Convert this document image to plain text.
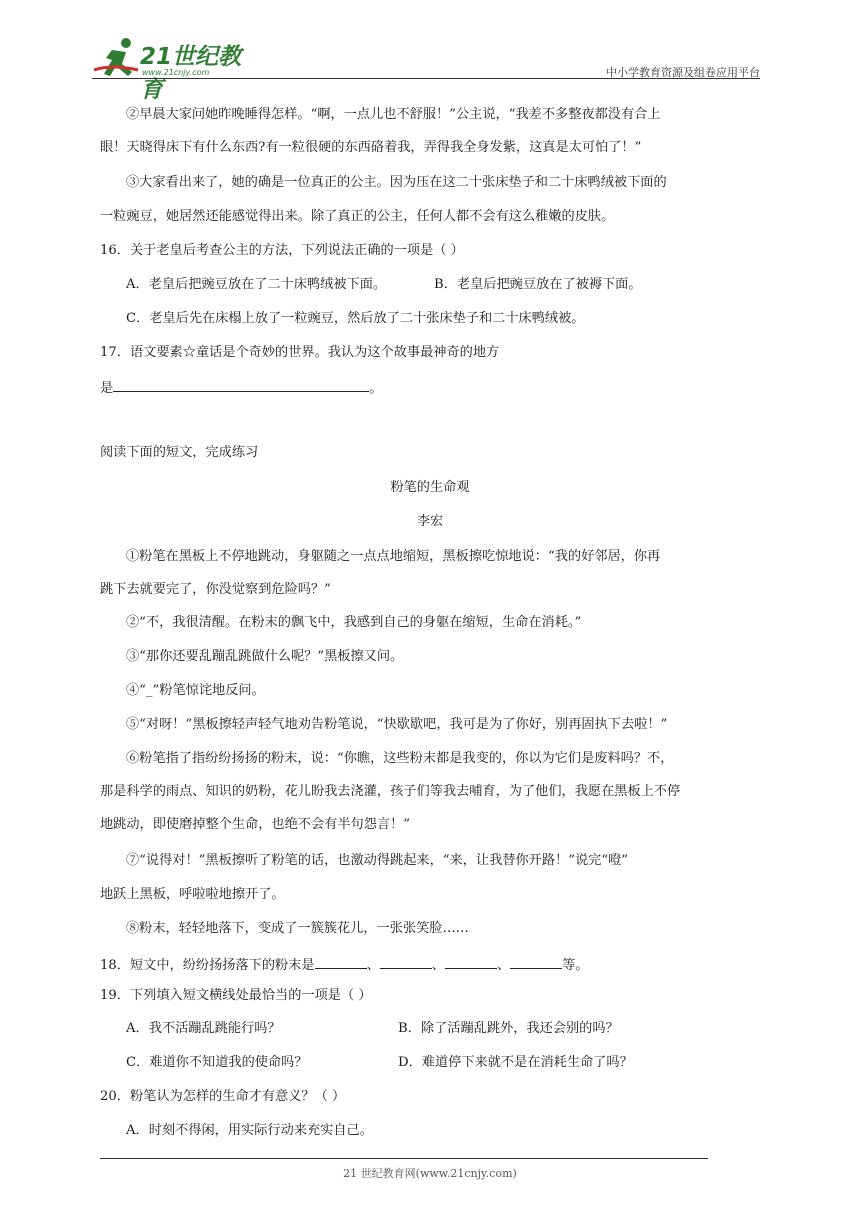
21世纪教育
www.21cnjy.com	中小学教育资源及组卷应用平台
②早晨大家问她昨晚睡得怎样。“啊，一点儿也不舒服！”公主说，“我差不多整夜都没有合上
眼！天晓得床下有什么东西?有一粒很硬的东西硌着我，弄得我全身发紫，这真是太可怕了！”
③大家看出来了，她的确是一位真正的公主。因为压在这二十张床垫子和二十床鸭绒被下面的
一粒豌豆，她居然还能感觉得出来。除了真正的公主，任何人都不会有这么稚嫩的皮肤。
16．关于老皇后考查公主的方法，下列说法正确的一项是（ ）
A．老皇后把豌豆放在了二十床鸭绒被下面。	B．老皇后把豌豆放在了被褥下面。
C．老皇后先在床榻上放了一粒豌豆，然后放了二十张床垫子和二十床鸭绒被。
17．语文要素☆童话是个奇妙的世界。我认为这个故事最神奇的地方
是	。
阅读下面的短文，完成练习
粉笔的生命观
李宏
①粉笔在黑板上不停地跳动，身躯随之一点点地缩短，黑板擦吃惊地说：“我的好邻居，你再
跳下去就要完了，你没觉察到危险吗？”
②“不，我很清醒。在粉末的飘飞中，我感到自己的身躯在缩短，生命在消耗。”
③“那你还要乱蹦乱跳做什么呢？”黑板擦又问。
④“_”粉笔惊诧地反问。
⑤“对呀！”黑板擦轻声轻气地劝告粉笔说，“快歇歇吧，我可是为了你好，别再固执下去啦！”
⑥粉笔指了指纷纷扬扬的粉末，说：“你瞧，这些粉末都是我变的，你以为它们是废料吗？不，
那是科学的雨点、知识的奶粉，花儿盼我去浇灌，孩子们等我去哺育，为了他们，我愿在黑板上不停
地跳动，即使磨掉整个生命，也绝不会有半句怨言！”
⑦“说得对！”黑板擦听了粉笔的话，也激动得跳起来，“来，让我替你开路！”说完“噔”
地跃上黑板，呼啦啦地擦开了。
⑧粉末，轻轻地落下，变成了一簇簇花儿，一张张笑脸……
18．短文中，纷纷扬扬落下的粉末是	、	、	、	等。
19．下列填入短文横线处最恰当的一项是（ ）
A．我不活蹦乱跳能行吗？	B．除了活蹦乱跳外，我还会别的吗？
C．难道你不知道我的使命吗？	D．难道停下来就不是在消耗生命了吗？
20．粉笔认为怎样的生命才有意义？（ ）
A．时刻不得闲，用实际行动来充实自己。
21 世纪教育网(www.21cnjy.com)
